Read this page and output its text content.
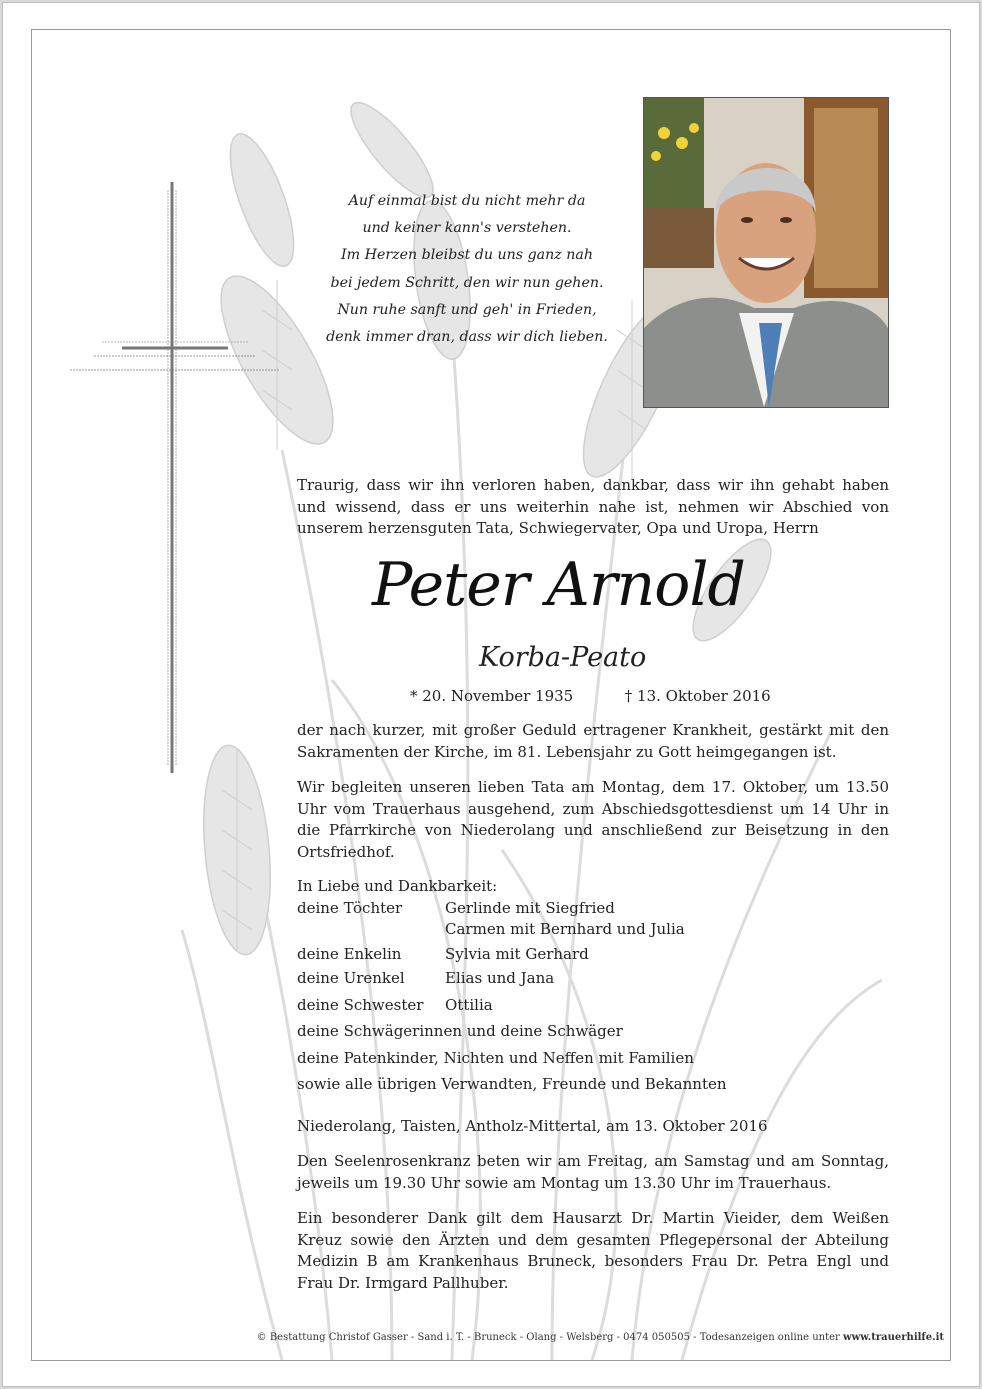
Auf einmal bist du nicht mehr da
und keiner kann's verstehen.
Im Herzen bleibst du uns ganz nah
bei jedem Schritt, den wir nun gehen.
Nun ruhe sanft und geh' in Frieden,
denk immer dran, dass wir dich lieben.
Traurig, dass wir ihn verloren haben, dankbar, dass wir ihn gehabt haben und wissend, dass er uns weiterhin nahe ist, nehmen wir Abschied von unserem herzensguten Tata, Schwiegervater, Opa und Uropa, Herrn
Peter Arnold
Korba-Peato
* 20. November 1935	† 13. Oktober 2016
der nach kurzer, mit großer Geduld ertragener Krankheit, gestärkt mit den Sakramenten der Kirche, im 81. Lebensjahr zu Gott heimgegangen ist.
Wir begleiten unseren lieben Tata am Montag, dem 17. Oktober, um 13.50 Uhr vom Trauerhaus ausgehend, zum Abschiedsgottesdienst um 14 Uhr in die Pfarrkirche von Niederolang und anschließend zur Beisetzung in den Ortsfriedhof.
In Liebe und Dankbarkeit:
deine Töchter	Gerlinde mit Siegfried
Carmen mit Bernhard und Julia
deine Enkelin	Sylvia mit Gerhard
deine Urenkel	Elias und Jana
deine Schwester Ottilia
deine Schwägerinnen und deine Schwäger
deine Patenkinder, Nichten und Neffen mit Familien
sowie alle übrigen Verwandten, Freunde und Bekannten
Niederolang, Taisten, Antholz-Mittertal, am 13. Oktober 2016
Den Seelenrosenkranz beten wir am Freitag, am Samstag und am Sonntag, jeweils um 19.30 Uhr sowie am Montag um 13.30 Uhr im Trauerhaus.
Ein besonderer Dank gilt dem Hausarzt Dr. Martin Vieider, dem Weißen Kreuz sowie den Ärzten und dem gesamten Pflegepersonal der Abteilung Medizin B am Krankenhaus Bruneck, besonders Frau Dr. Petra Engl und Frau Dr. Irmgard Pallhuber.
© Bestattung Christof Gasser - Sand i. T. - Bruneck - Olang - Welsberg - 0474 050505 - Todesanzeigen online unter www.trauerhilfe.it
